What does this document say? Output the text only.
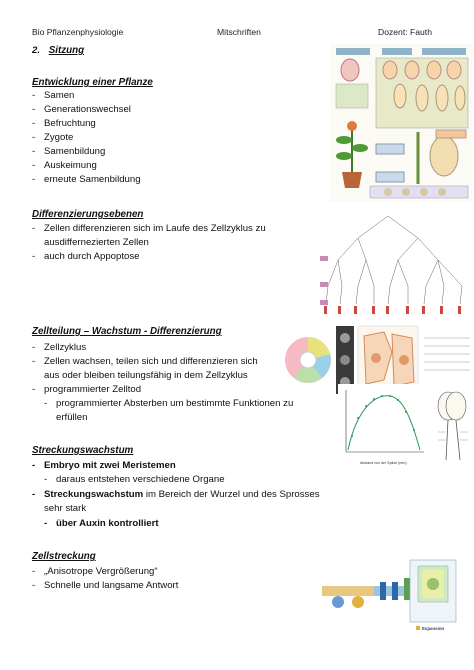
Bio Pflanzenphysiologie	Mitschriften	Dozent: Fauth
2. Sitzung
Entwicklung einer Pflanze
- Samen
- Generationswechsel
- Befruchtung
- Zygote
- Samenbildung
- Auskeimung
- erneute Samenbildung
Differenzierungsebenen
- Zellen differenzieren sich im Laufe des Zellzyklus zu
ausdiffernezierten Zellen
- auch durch Appoptose
Zellteilung – Wachstum - Differenzierung
- Zellzyklus
- Zellen wachsen, teilen sich und differenzieren sich
aus oder bleiben teilungsfähig in dem Zellzyklus
- programmierter Zelltod
- programmierter Absterben um bestimmte Funktionen zu
erfüllen
Streckungswachstum
- Embryo mit zwei Meristemen
- daraus entstehen verschiedene Organe
- Streckungswachstum im Bereich der Wurzel und des Sprosses
sehr stark
- über Auxin kontrolliert
Zellstreckung
- „Anisotrope Vergrößerung“
- Schnelle und langsame Antwort
Abstand von der Spitze (mm)
Expansion
